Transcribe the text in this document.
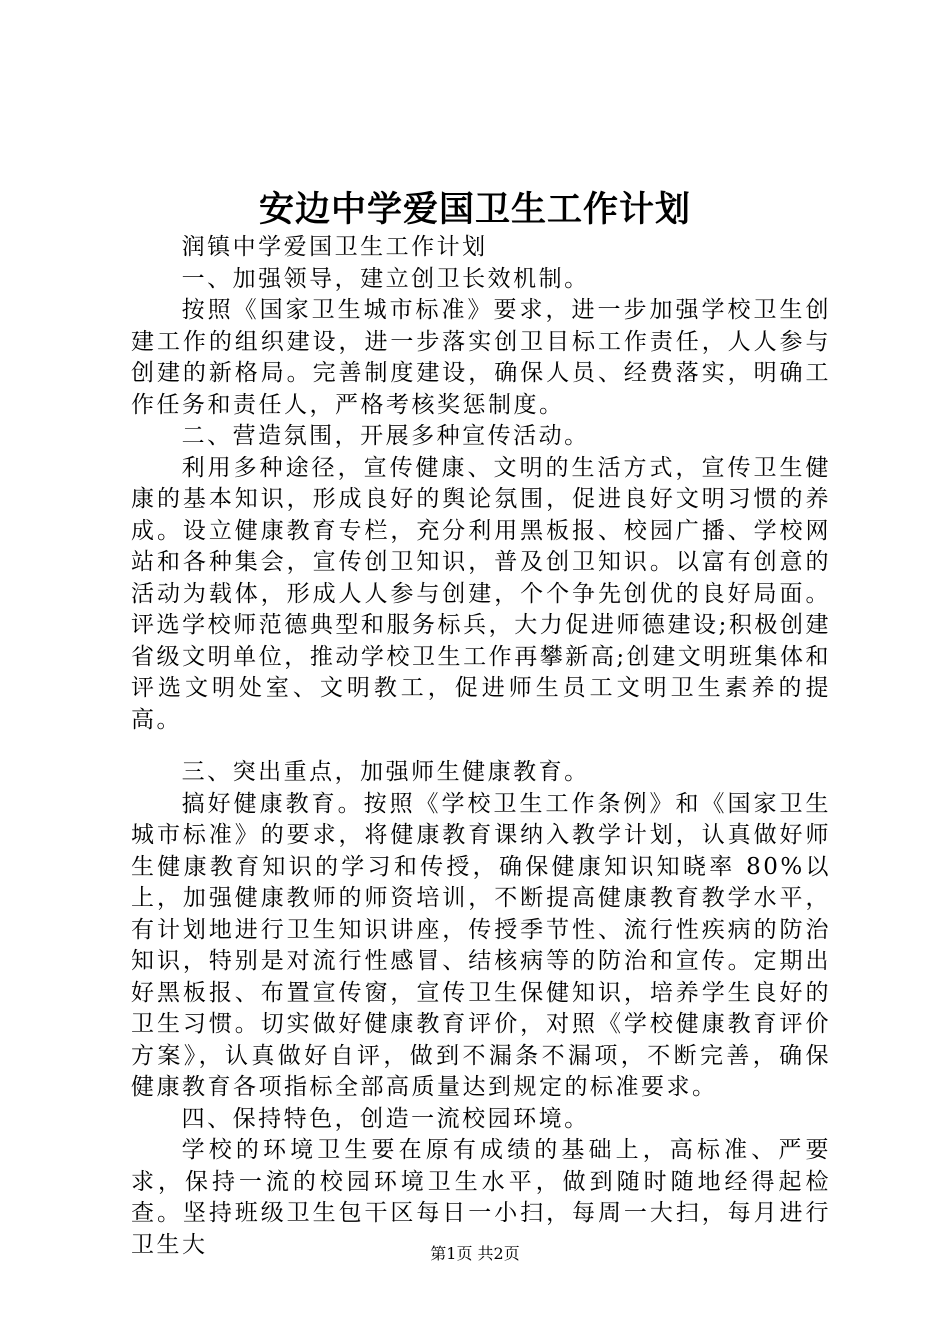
安边中学爱国卫生工作计划

润镇中学爱国卫生工作计划

一、加强领导，建立创卫长效机制。

按照《国家卫生城市标准》要求，进一步加强学校卫生创建工作的组织建设，进一步落实创卫目标工作责任，人人参与创建的新格局。完善制度建设，确保人员、经费落实，明确工作任务和责任人，严格考核奖惩制度。

二、营造氛围，开展多种宣传活动。

利用多种途径，宣传健康、文明的生活方式，宣传卫生健康的基本知识，形成良好的舆论氛围，促进良好文明习惯的养成。设立健康教育专栏，充分利用黑板报、校园广播、学校网站和各种集会，宣传创卫知识，普及创卫知识。以富有创意的活动为载体，形成人人参与创建，个个争先创优的良好局面。评选学校师范德典型和服务标兵，大力促进师德建设;积极创建省级文明单位，推动学校卫生工作再攀新高;创建文明班集体和评选文明处室、文明教工，促进师生员工文明卫生素养的提高。

三、突出重点，加强师生健康教育。

搞好健康教育。按照《学校卫生工作条例》和《国家卫生城市标准》的要求，将健康教育课纳入教学计划，认真做好师生健康教育知识的学习和传授，确保健康知识知晓率 80%以上，加强健康教师的师资培训，不断提高健康教育教学水平，有计划地进行卫生知识讲座，传授季节性、流行性疾病的防治知识，特别是对流行性感冒、结核病等的防治和宣传。定期出好黑板报、布置宣传窗，宣传卫生保健知识，培养学生良好的卫生习惯。切实做好健康教育评价，对照《学校健康教育评价方案》，认真做好自评，做到不漏条不漏项，不断完善，确保健康教育各项指标全部高质量达到规定的标准要求。

四、保持特色，创造一流校园环境。

学校的环境卫生要在原有成绩的基础上，高标准、严要求，保持一流的校园环境卫生水平，做到随时随地经得起检查。坚持班级卫生包干区每日一小扫，每周一大扫，每月进行卫生大	第1页 共2页
